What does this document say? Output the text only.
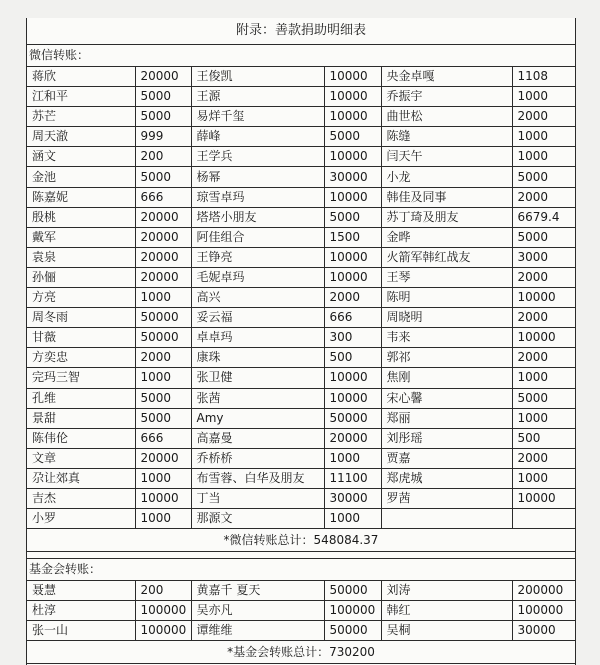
附录：善款捐助明细表
微信转账：
蒋欣	20000	王俊凯	10000	央金卓嘎	1108
江和平	5000	王源	10000	乔振宇	1000
苏芒	5000	易烊千玺	10000	曲世松	2000
周天澈	999	薛峰	5000	陈缝	1000
涵文	200	王学兵	10000	闫天午	1000
金池	5000	杨幂	30000	小龙	5000
陈嘉妮	666	琼雪卓玛	10000	韩佳及同事	2000
殷桃	20000	塔塔小朋友	5000	苏丁琦及朋友	6679.4
戴军	20000	阿佳组合	1500	金晔	5000
袁泉	20000	王铮亮	10000	火箭军韩红战友	3000
孙俪	20000	毛妮卓玛	10000	王琴	2000
方亮	1000	高兴	2000	陈明	10000
周冬雨	50000	妥云福	666	周晓明	2000
甘薇	50000	卓卓玛	300	韦来	10000
方奕忠	2000	康珠	500	郭祁	2000
完玛三智	1000	张卫健	10000	焦刚	1000
孔维	5000	张茜	10000	宋心馨	5000
景甜	5000	Amy	50000	郑丽	1000
陈伟伦	666	高嘉曼	20000	刘彤瑶	500
文章	20000	乔桥桥	1000	贾嘉	2000
尕让郊真	1000	布雪蓉、白华及朋友	11100	郑虎城	1000
吉杰	10000	丁当	30000	罗茜	10000
小罗	1000	那源文	1000		
*微信转账总计：548084.37
基金会转账：
聂慧	200	黄嘉千 夏天	50000	刘涛	200000
杜淳	100000	吴亦凡	100000	韩红	100000
张一山	100000	谭维维	50000	吴桐	30000
*基金会转账总计：730200
